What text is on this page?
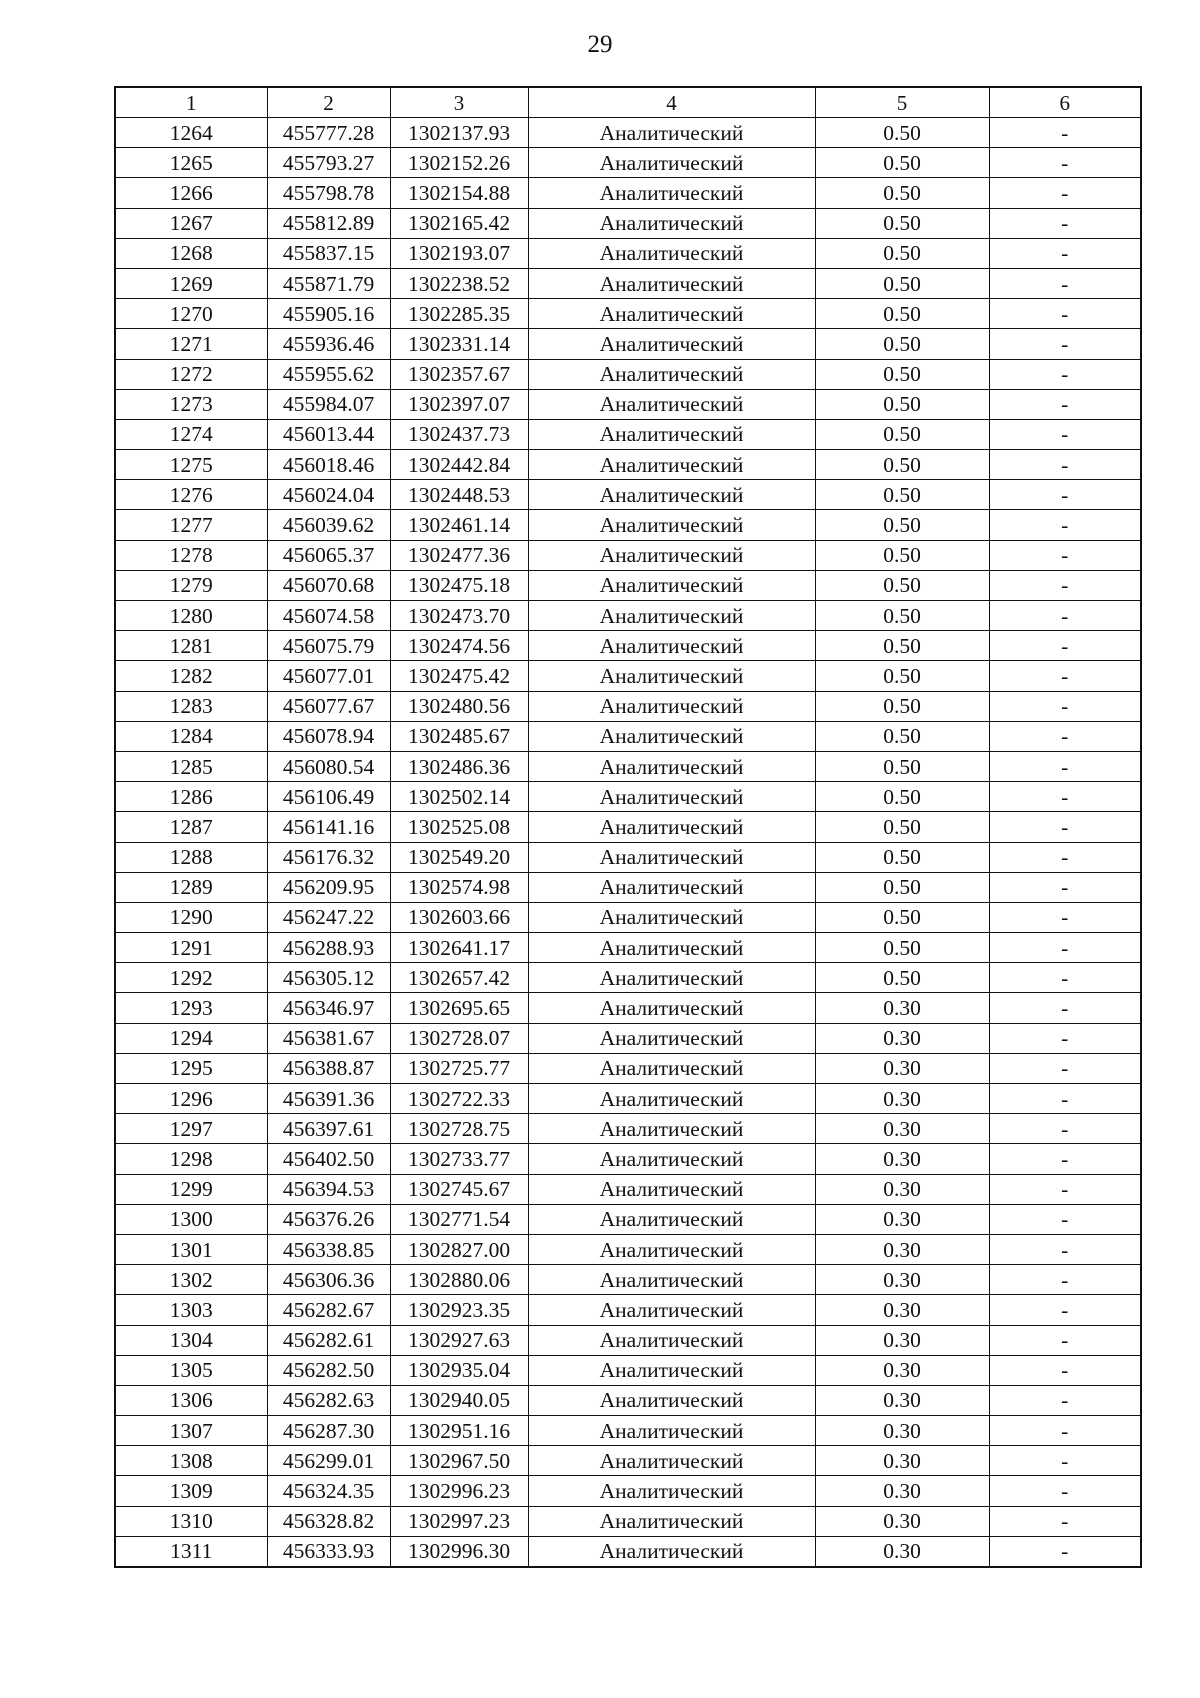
29
1	2	3	4	5	6
1264	455777.28	1302137.93	Аналитический	0.50	-
1265	455793.27	1302152.26	Аналитический	0.50	-
1266	455798.78	1302154.88	Аналитический	0.50	-
1267	455812.89	1302165.42	Аналитический	0.50	-
1268	455837.15	1302193.07	Аналитический	0.50	-
1269	455871.79	1302238.52	Аналитический	0.50	-
1270	455905.16	1302285.35	Аналитический	0.50	-
1271	455936.46	1302331.14	Аналитический	0.50	-
1272	455955.62	1302357.67	Аналитический	0.50	-
1273	455984.07	1302397.07	Аналитический	0.50	-
1274	456013.44	1302437.73	Аналитический	0.50	-
1275	456018.46	1302442.84	Аналитический	0.50	-
1276	456024.04	1302448.53	Аналитический	0.50	-
1277	456039.62	1302461.14	Аналитический	0.50	-
1278	456065.37	1302477.36	Аналитический	0.50	-
1279	456070.68	1302475.18	Аналитический	0.50	-
1280	456074.58	1302473.70	Аналитический	0.50	-
1281	456075.79	1302474.56	Аналитический	0.50	-
1282	456077.01	1302475.42	Аналитический	0.50	-
1283	456077.67	1302480.56	Аналитический	0.50	-
1284	456078.94	1302485.67	Аналитический	0.50	-
1285	456080.54	1302486.36	Аналитический	0.50	-
1286	456106.49	1302502.14	Аналитический	0.50	-
1287	456141.16	1302525.08	Аналитический	0.50	-
1288	456176.32	1302549.20	Аналитический	0.50	-
1289	456209.95	1302574.98	Аналитический	0.50	-
1290	456247.22	1302603.66	Аналитический	0.50	-
1291	456288.93	1302641.17	Аналитический	0.50	-
1292	456305.12	1302657.42	Аналитический	0.50	-
1293	456346.97	1302695.65	Аналитический	0.30	-
1294	456381.67	1302728.07	Аналитический	0.30	-
1295	456388.87	1302725.77	Аналитический	0.30	-
1296	456391.36	1302722.33	Аналитический	0.30	-
1297	456397.61	1302728.75	Аналитический	0.30	-
1298	456402.50	1302733.77	Аналитический	0.30	-
1299	456394.53	1302745.67	Аналитический	0.30	-
1300	456376.26	1302771.54	Аналитический	0.30	-
1301	456338.85	1302827.00	Аналитический	0.30	-
1302	456306.36	1302880.06	Аналитический	0.30	-
1303	456282.67	1302923.35	Аналитический	0.30	-
1304	456282.61	1302927.63	Аналитический	0.30	-
1305	456282.50	1302935.04	Аналитический	0.30	-
1306	456282.63	1302940.05	Аналитический	0.30	-
1307	456287.30	1302951.16	Аналитический	0.30	-
1308	456299.01	1302967.50	Аналитический	0.30	-
1309	456324.35	1302996.23	Аналитический	0.30	-
1310	456328.82	1302997.23	Аналитический	0.30	-
1311	456333.93	1302996.30	Аналитический	0.30	-
